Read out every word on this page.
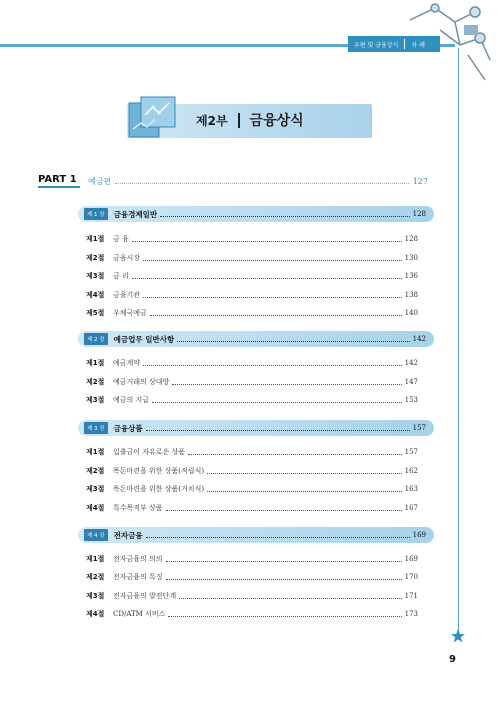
우편 및 금융상식 차 례
제2부 금융상식
PART 1	예금편	127
제 1 장	금융경제일반	128
제1절	금 융	128
제2절	금융시장	130
제3절	금 리	136
제4절	금융기관	138
제5절	우체국예금	140
제 2 장	예금업무 일반사항	142
제1절	예금계약	142
제2절	예금거래의 상대방	147
제3절	예금의 지급	153
제 3 장	금융상품	157
제1절	입출금이 자유로운 상품	157
제2절	목돈마련을 위한 상품(적립식)	162
제3절	목돈마련을 위한 상품(거치식)	163
제4절	특수목적부 상품	167
제 4 장	전자금융	169
제1절	전자금융의 의의	169
제2절	전자금융의 특징	170
제3절	전자금융의 발전단계	171
제4절	CD/ATM 서비스	173
9
